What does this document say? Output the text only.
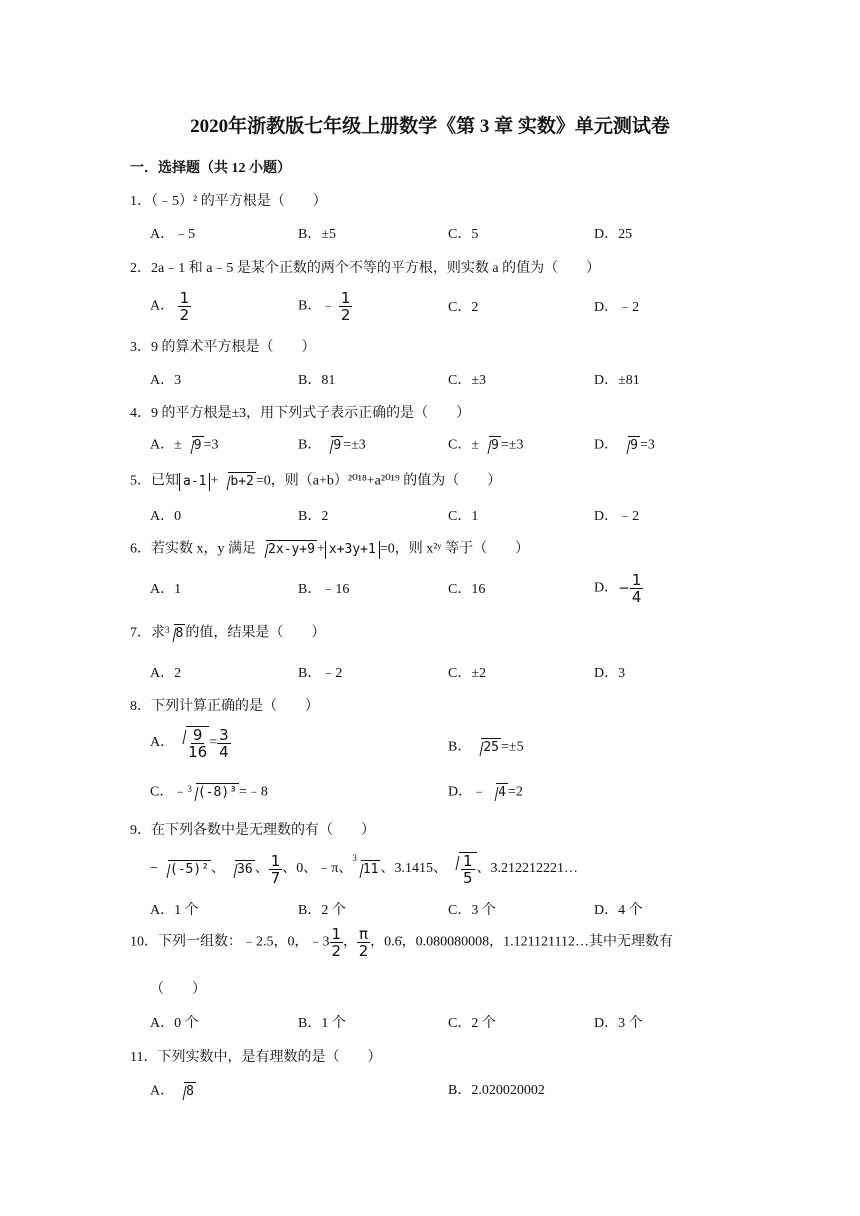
2020年浙教版七年级上册数学《第 3 章 实数》单元测试卷
一．选择题（共 12 小题）
1．（﹣5）² 的平方根是（　　）
A．﹣5	B．±5	C．5	D．25
2．2a﹣1 和 a﹣5 是某个正数的两个不等的平方根，则实数 a 的值为（　　）
A． $\frac{1}{2}$	B．﹣ $\frac{1}{2}$	C．2	D．﹣2
3．9 的算术平方根是（　　）
A．3	B．81	C．±3	D．±81
4．9 的平方根是±3，用下列式子表示正确的是（　　）
A．± 9 =3	B． 9 =±3	C．± 9 =±3	D． 9 =3
5．已知 a-1 + b+2 =0，则（a+b）²⁰¹⁸+a²⁰¹⁹ 的值为（　　）
A．0	B．2	C．1	D．﹣2
6．若实数 x，y 满足 2x-y+9 + x+3y+1 =0，则 x²ʸ 等于（　　）
A．1	B．﹣16	C．16	D．− $\frac{1}{4}$
7．求$^3$ 8 的值，结果是（　　）
A．2	B．﹣2	C．±2	D．3
8．下列计算正确的是（　　）
A． $\frac{9}{16} = \frac{3}{4}$	B． 25 =±5
C．﹣$^3$ (-8)³ =﹣8	D．﹣ 4 =2
9．在下列各数中是无理数的有（　　）
− (-5)² 、 36 、 $\frac{1}{7}$ 、0、﹣π、$^3$11 、3.1415、 $\frac{1}{5}$ 、3.212212221…
A．1 个	B．2 个	C．3 个	D．4 个
10．下列一组数：﹣2.5，0，﹣3 $\frac{1}{2}$ ， $\frac{\pi}{2}$ ，0.6̇，0.080080008，1.121121112…其中无理数有
（　　）
A．0 个	B．1 个	C．2 个	D．3 个
11．下列实数中，是有理数的是（　　）
A． 8	B．2.020020002
